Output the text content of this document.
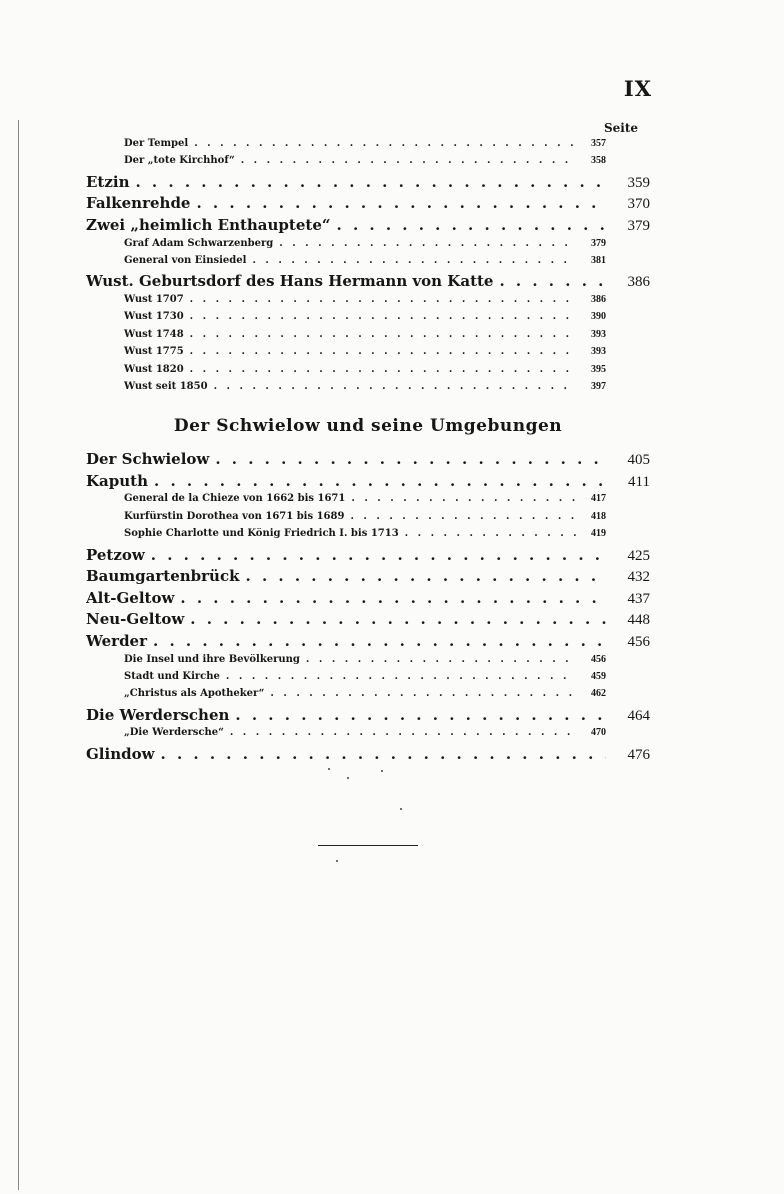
IX
Seite
Der Tempel . . .	357
Der „tote Kirchhof“ . . .	358
Etzin . . .	359
Falkenrehde . . .	370
Zwei „heimlich Enthauptete“ . . .	379
Graf Adam Schwarzenberg . . .	379
General von Einsiedel . . .	381
Wust. Geburtsdorf des Hans Hermann von Katte . . .	386
Wust 1707 . . .	386
Wust 1730 . . .	390
Wust 1748 . . .	393
Wust 1775 . . .	393
Wust 1820 . . .	395
Wust seit 1850 . . .	397
Der Schwielow und seine Umgebungen
Der Schwielow . . .	405
Kaputh . . .	411
General de la Chieze von 1662 bis 1671 . . .	417
Kurfürstin Dorothea von 1671 bis 1689 . . .	418
Sophie Charlotte und König Friedrich I. bis 1713 . . .	419
Petzow . . .	425
Baumgartenbrück . . .	432
Alt-Geltow . . .	437
Neu-Geltow . . .	448
Werder . . .	456
Die Insel und ihre Bevölkerung . . .	456
Stadt und Kirche . . .	459
„Christus als Apotheker“ . . .	462
Die Werderschen . . .	464
„Die Werdersche“ . . .	470
Glindow . . .	476
